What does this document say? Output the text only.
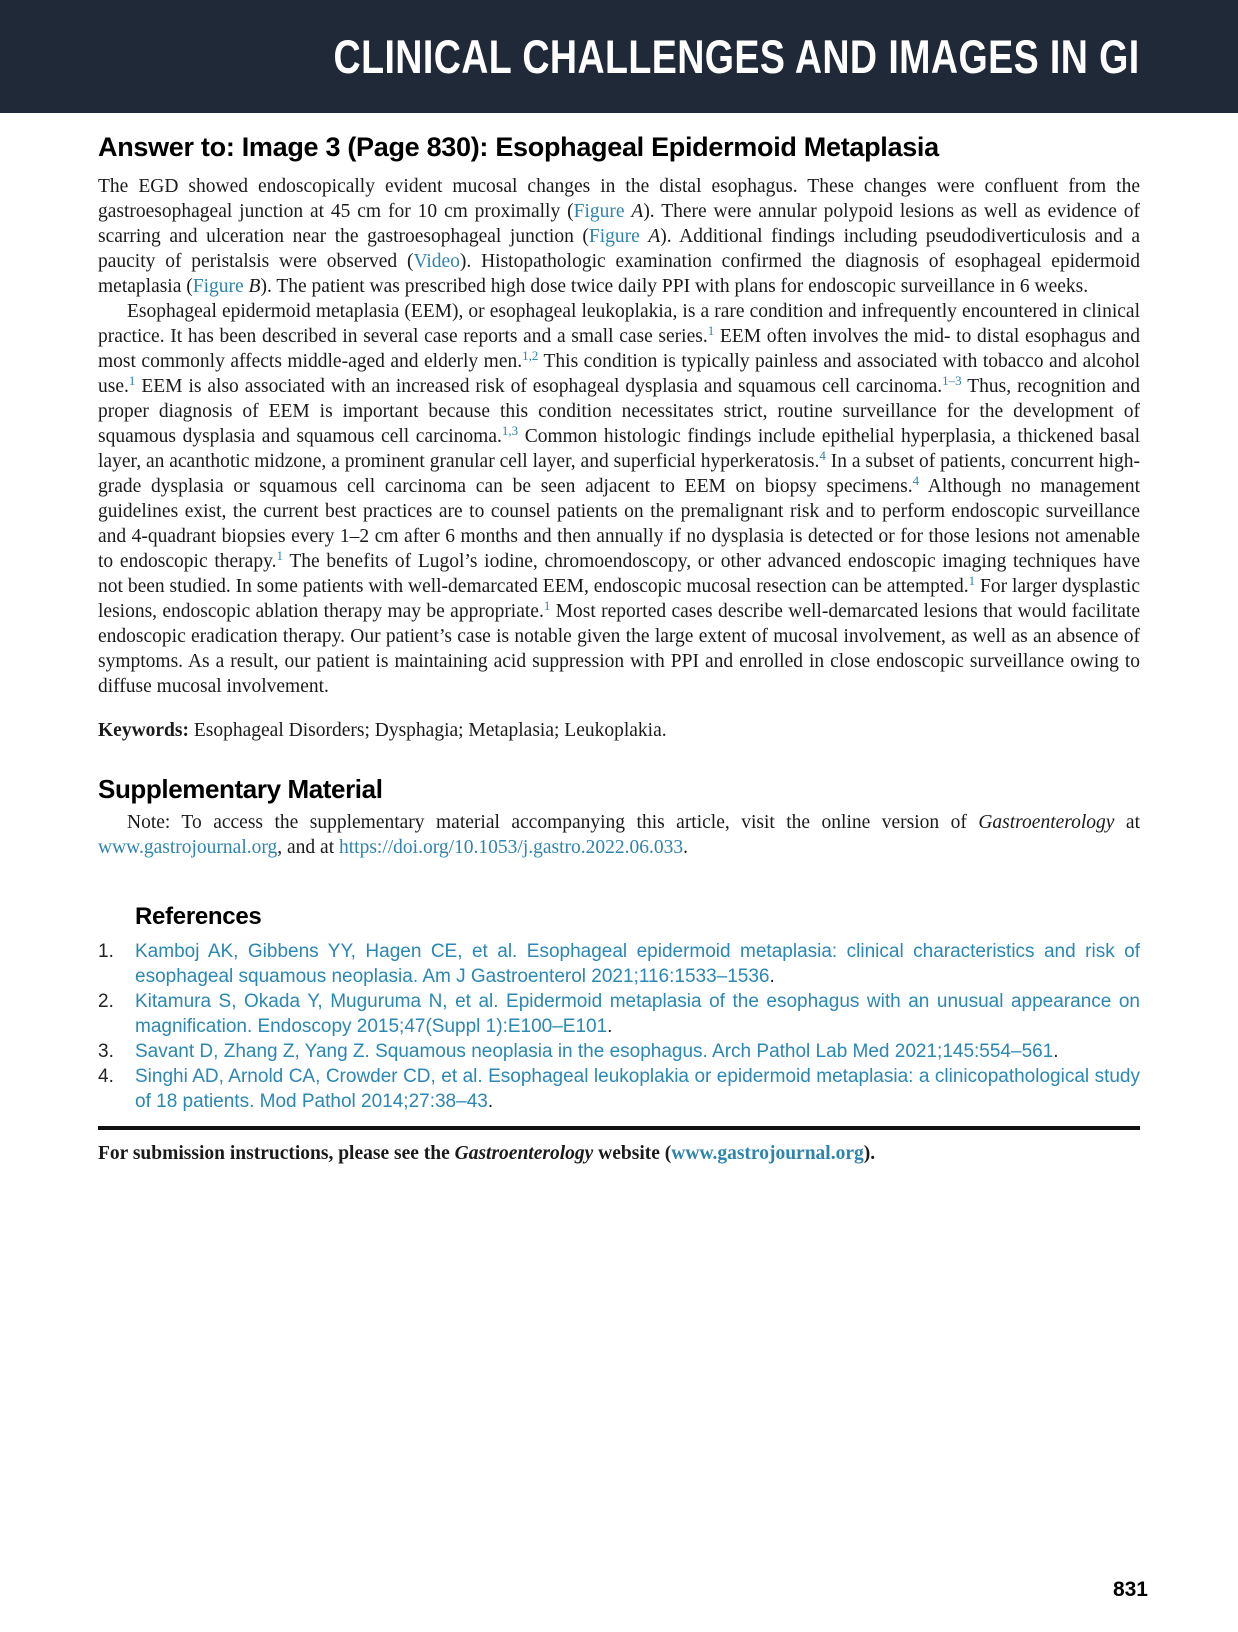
CLINICAL CHALLENGES AND IMAGES IN GI
Answer to: Image 3 (Page 830): Esophageal Epidermoid Metaplasia

The EGD showed endoscopically evident mucosal changes in the distal esophagus. These changes were confluent from the gastroesophageal junction at 45 cm for 10 cm proximally (Figure A). There were annular polypoid lesions as well as evidence of scarring and ulceration near the gastroesophageal junction (Figure A). Additional findings including pseudodiverticulosis and a paucity of peristalsis were observed (Video). Histopathologic examination confirmed the diagnosis of esophageal epidermoid metaplasia (Figure B). The patient was prescribed high dose twice daily PPI with plans for endoscopic surveillance in 6 weeks.

Esophageal epidermoid metaplasia (EEM), or esophageal leukoplakia, is a rare condition and infrequently encountered in clinical practice. It has been described in several case reports and a small case series.$^1$ EEM often involves the mid- to distal esophagus and most commonly affects middle-aged and elderly men.$^{1,2}$ This condition is typically painless and associated with tobacco and alcohol use.$^1$ EEM is also associated with an increased risk of esophageal dysplasia and squamous cell carcinoma.$^{1-3}$ Thus, recognition and proper diagnosis of EEM is important because this condition necessitates strict, routine surveillance for the development of squamous dysplasia and squamous cell carcinoma.$^{1,3}$ Common histologic findings include epithelial hyperplasia, a thickened basal layer, an acanthotic midzone, a prominent granular cell layer, and superficial hyperkeratosis.$^4$ In a subset of patients, concurrent high-grade dysplasia or squamous cell carcinoma can be seen adjacent to EEM on biopsy specimens.$^4$ Although no management guidelines exist, the current best practices are to counsel patients on the premalignant risk and to perform endoscopic surveillance and 4-quadrant biopsies every 1–2 cm after 6 months and then annually if no dysplasia is detected or for those lesions not amenable to endoscopic therapy.$^1$ The benefits of Lugol’s iodine, chromoendoscopy, or other advanced endoscopic imaging techniques have not been studied. In some patients with well-demarcated EEM, endoscopic mucosal resection can be attempted.$^1$ For larger dysplastic lesions, endoscopic ablation therapy may be appropriate.$^1$ Most reported cases describe well-demarcated lesions that would facilitate endoscopic eradication therapy. Our patient’s case is notable given the large extent of mucosal involvement, as well as an absence of symptoms. As a result, our patient is maintaining acid suppression with PPI and enrolled in close endoscopic surveillance owing to diffuse mucosal involvement.

Keywords: Esophageal Disorders; Dysphagia; Metaplasia; Leukoplakia.

Supplementary Material

Note: To access the supplementary material accompanying this article, visit the online version of Gastroenterology at www.gastrojournal.org, and at https://doi.org/10.1053/j.gastro.2022.06.033.

References
1.	Kamboj AK, Gibbens YY, Hagen CE, et al. Esophageal epidermoid metaplasia: clinical characteristics and risk of esophageal squamous neoplasia. Am J Gastroenterol 2021;116:1533–1536.
2.	Kitamura S, Okada Y, Muguruma N, et al. Epidermoid metaplasia of the esophagus with an unusual appearance on magnification. Endoscopy 2015;47(Suppl 1):E100–E101.
3.	Savant D, Zhang Z, Yang Z. Squamous neoplasia in the esophagus. Arch Pathol Lab Med 2021;145:554–561.
4.	Singhi AD, Arnold CA, Crowder CD, et al. Esophageal leukoplakia or epidermoid metaplasia: a clinicopathological study of 18 patients. Mod Pathol 2014;27:38–43.

For submission instructions, please see the Gastroenterology website (www.gastrojournal.org).

831
